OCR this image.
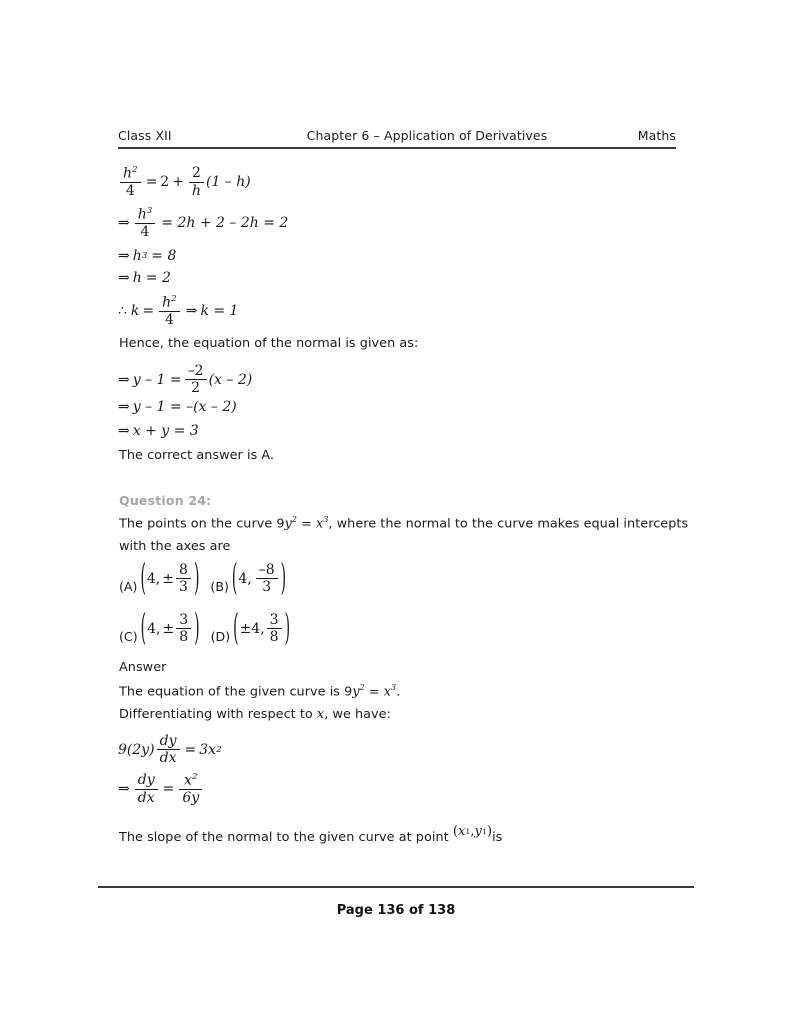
Class XII	Chapter 6 – Application of Derivatives	Maths
$\frac{h^2}{4} = 2 + \frac{2}{h} (1 - h)$
⇒ $\frac{h^3}{4} = 2h + 2 - 2h = 2$
⇒ h 3 = 8
⇒ h = 2
∴ $k = \frac{h^2}{4}$ ⇒ k = 1
Hence, the equation of the normal is given as:
⇒ $y - 1 = \frac{-2}{2} (x - 2)$
⇒ y – 1 = –(x – 2)
⇒ x + y = 3
The correct answer is A.
Question 24:
The points on the curve $9y^2 = x^3$, where the normal to the curve makes equal intercepts
with the axes are
(A) ( 4, ± $\frac{8}{3}$ ) (B) ( 4, $\frac{-8}{3}$ )
(C) ( 4, ± $\frac{3}{8}$ ) (D) ( ±4, $\frac{3}{8}$ )
Answer
The equation of the given curve is $9y^2 = x^3$.
Differentiating with respect to x, we have:
$9(2y) \frac{dy}{dx} = 3x$ 2
⇒ $\frac{dy}{dx} = \frac{x^2}{6y}$
The slope of the normal to the given curve at point ( x 1 , y 1 ) is
Page 136 of 138
